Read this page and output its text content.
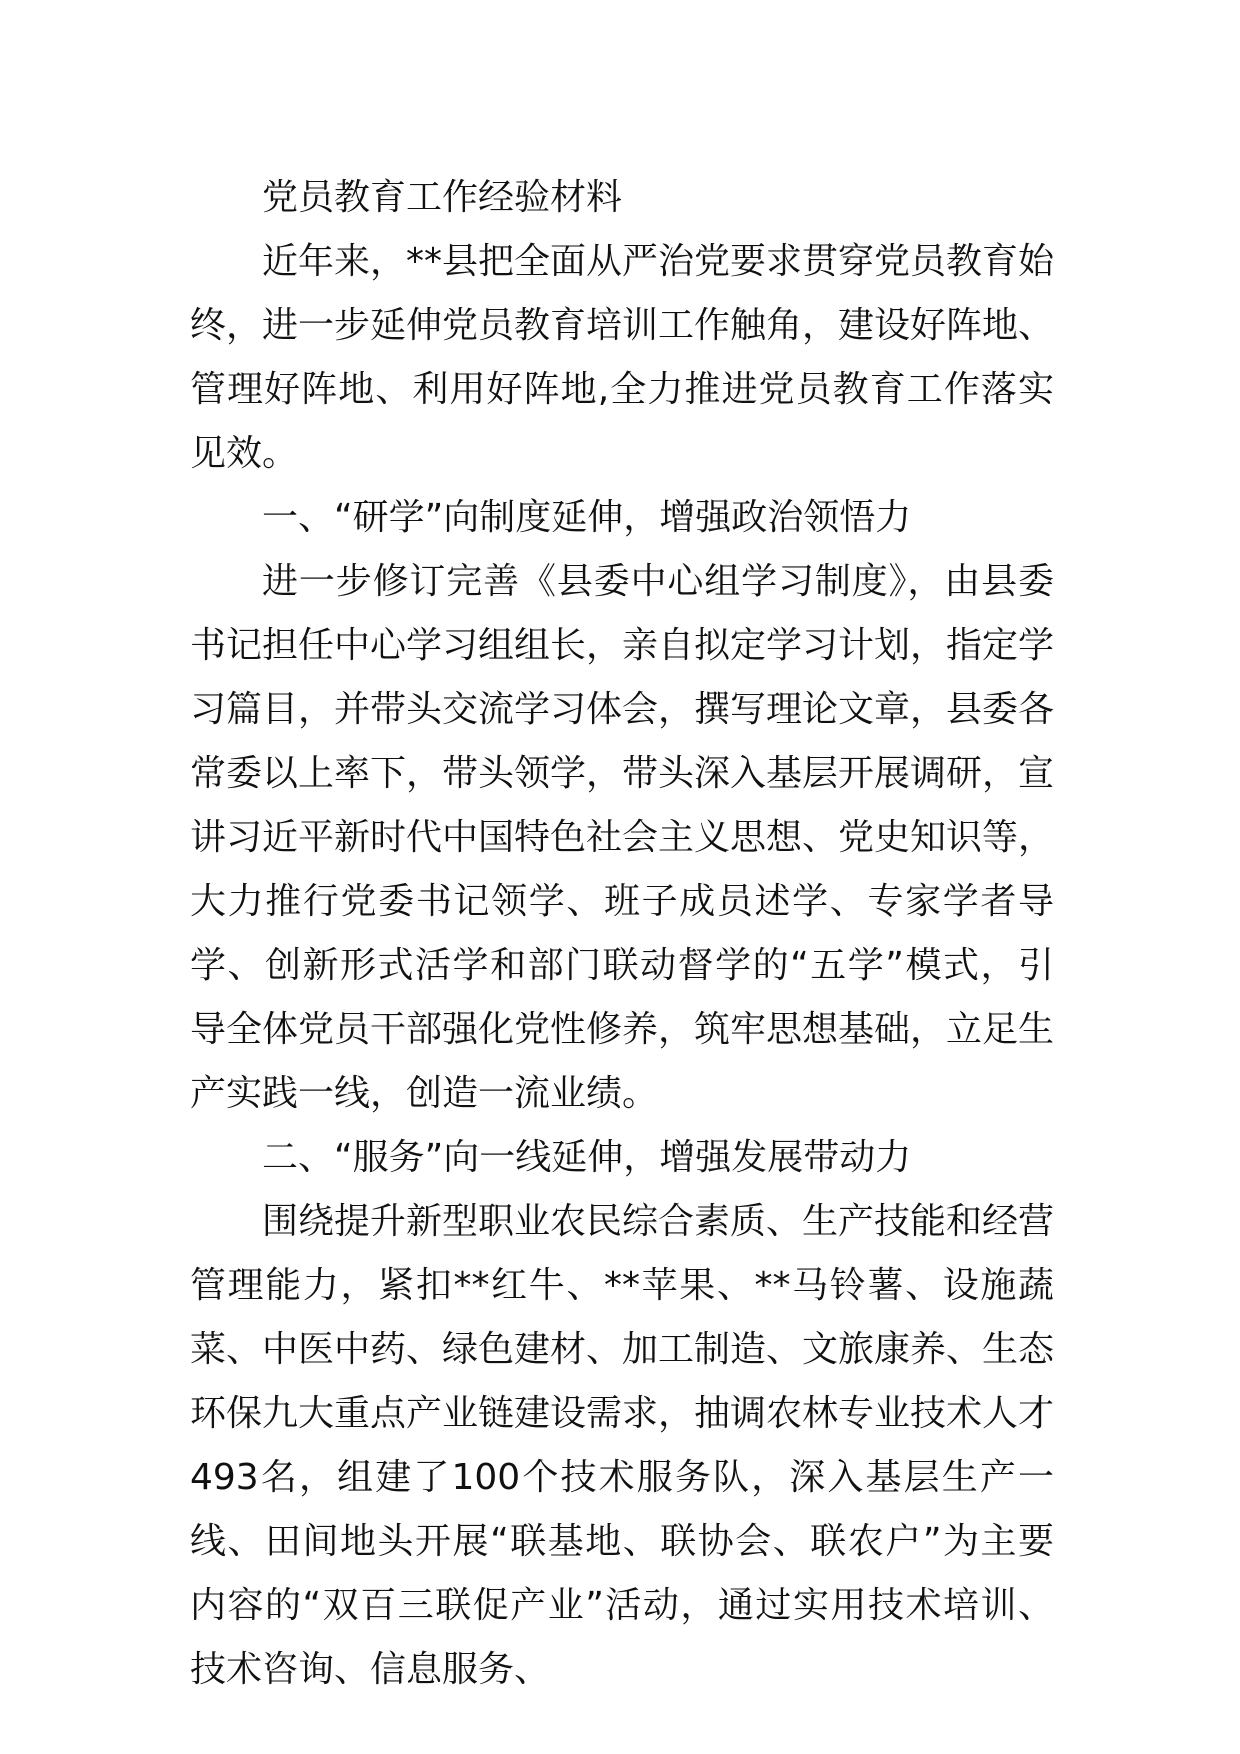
党员教育工作经验材料

近年来，**县把全面从严治党要求贯穿党员教育始终，进一步延伸党员教育培训工作触角，建设好阵地、管理好阵地、利用好阵地,全力推进党员教育工作落实见效。

一、“研学”向制度延伸，增强政治领悟力

进一步修订完善《县委中心组学习制度》，由县委书记担任中心学习组组长，亲自拟定学习计划，指定学习篇目，并带头交流学习体会，撰写理论文章，县委各常委以上率下，带头领学，带头深入基层开展调研，宣讲习近平新时代中国特色社会主义思想、党史知识等，大力推行党委书记领学、班子成员述学、专家学者导学、创新形式活学和部门联动督学的“五学”模式，引导全体党员干部强化党性修养，筑牢思想基础，立足生产实践一线，创造一流业绩。

二、“服务”向一线延伸，增强发展带动力

围绕提升新型职业农民综合素质、生产技能和经营管理能力，紧扣**红牛、**苹果、**马铃薯、设施蔬菜、中医中药、绿色建材、加工制造、文旅康养、生态环保九大重点产业链建设需求，抽调农林专业技术人才493名，组建了100个技术服务队，深入基层生产一线、田间地头开展“联基地、联协会、联农户”为主要内容的“双百三联促产业”活动，通过实用技术培训、技术咨询、信息服务、
